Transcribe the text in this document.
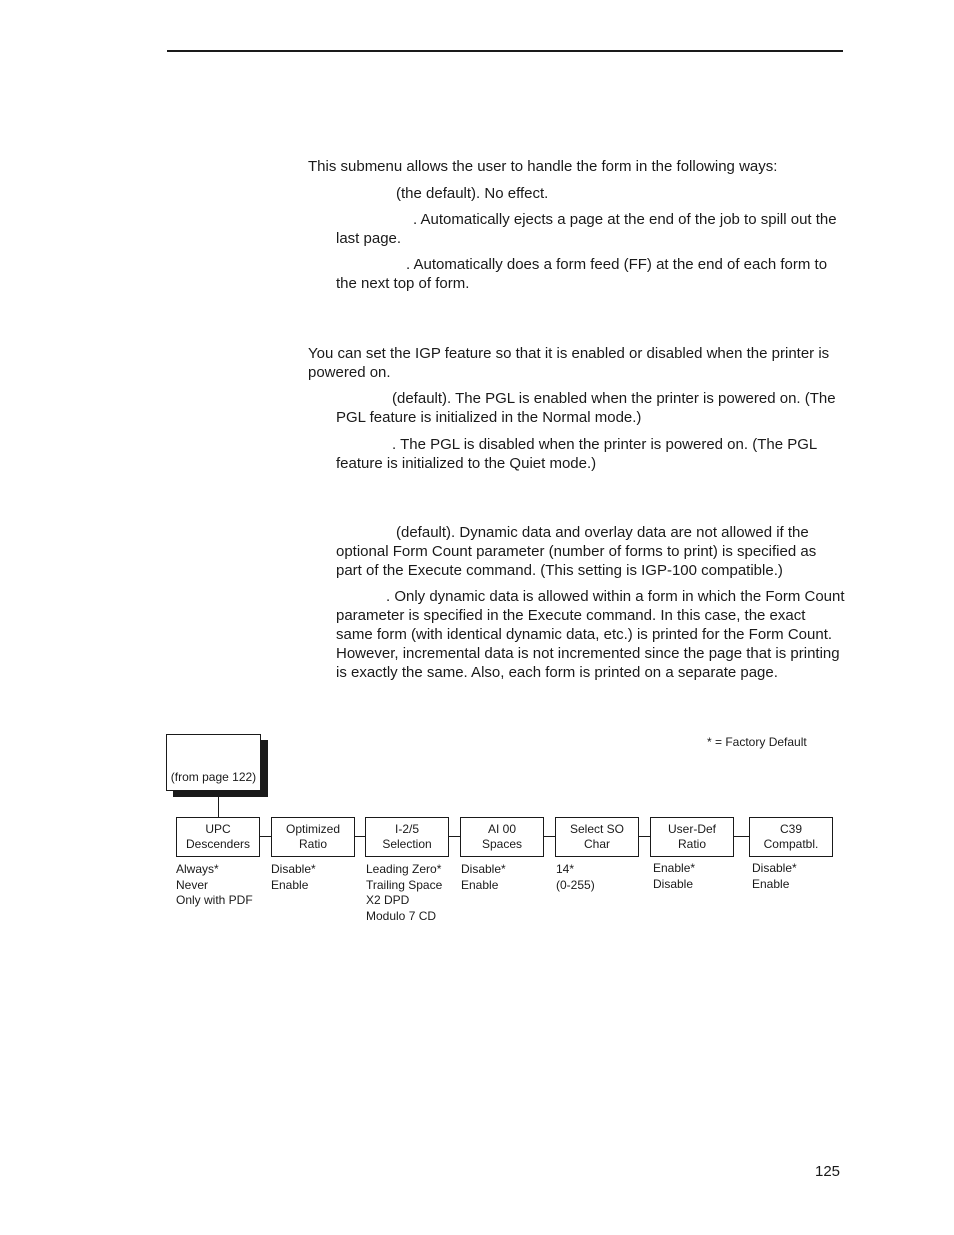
This submenu allows the user to handle the form in the following ways:

(the default). No effect.

. Automatically ejects a page at the end of the job to spill out the last page.

. Automatically does a form feed (FF) at the end of each form to the next top of form.

You can set the IGP feature so that it is enabled or disabled when the printer is powered on.

(default). The PGL is enabled when the printer is powered on. (The PGL feature is initialized in the Normal mode.)

. The PGL is disabled when the printer is powered on. (The PGL feature is initialized to the Quiet mode.)

(default). Dynamic data and overlay data are not allowed if the optional Form Count parameter (number of forms to print) is specified as part of the Execute command. (This setting is IGP-100 compatible.)

. Only dynamic data is allowed within a form in which the Form Count parameter is specified in the Execute command. In this case, the exact same form (with identical dynamic data, etc.) is printed for the Form Count. However, incremental data is not incremented since the page that is printing is exactly the same. Also, each form is printed on a separate page.

* = Factory Default
(from page 122)
UPC
Descenders
Optimized
Ratio
I-2/5
Selection
AI 00
Spaces
Select SO
Char
User-Def
Ratio
C39
Compatbl.
Always*
Never
Only with PDF
Disable*
Enable
Leading Zero*
Trailing Space
X2 DPD
Modulo 7 CD
Disable*
Enable
14*
(0-255)
Enable*
Disable
Disable*
Enable
125
